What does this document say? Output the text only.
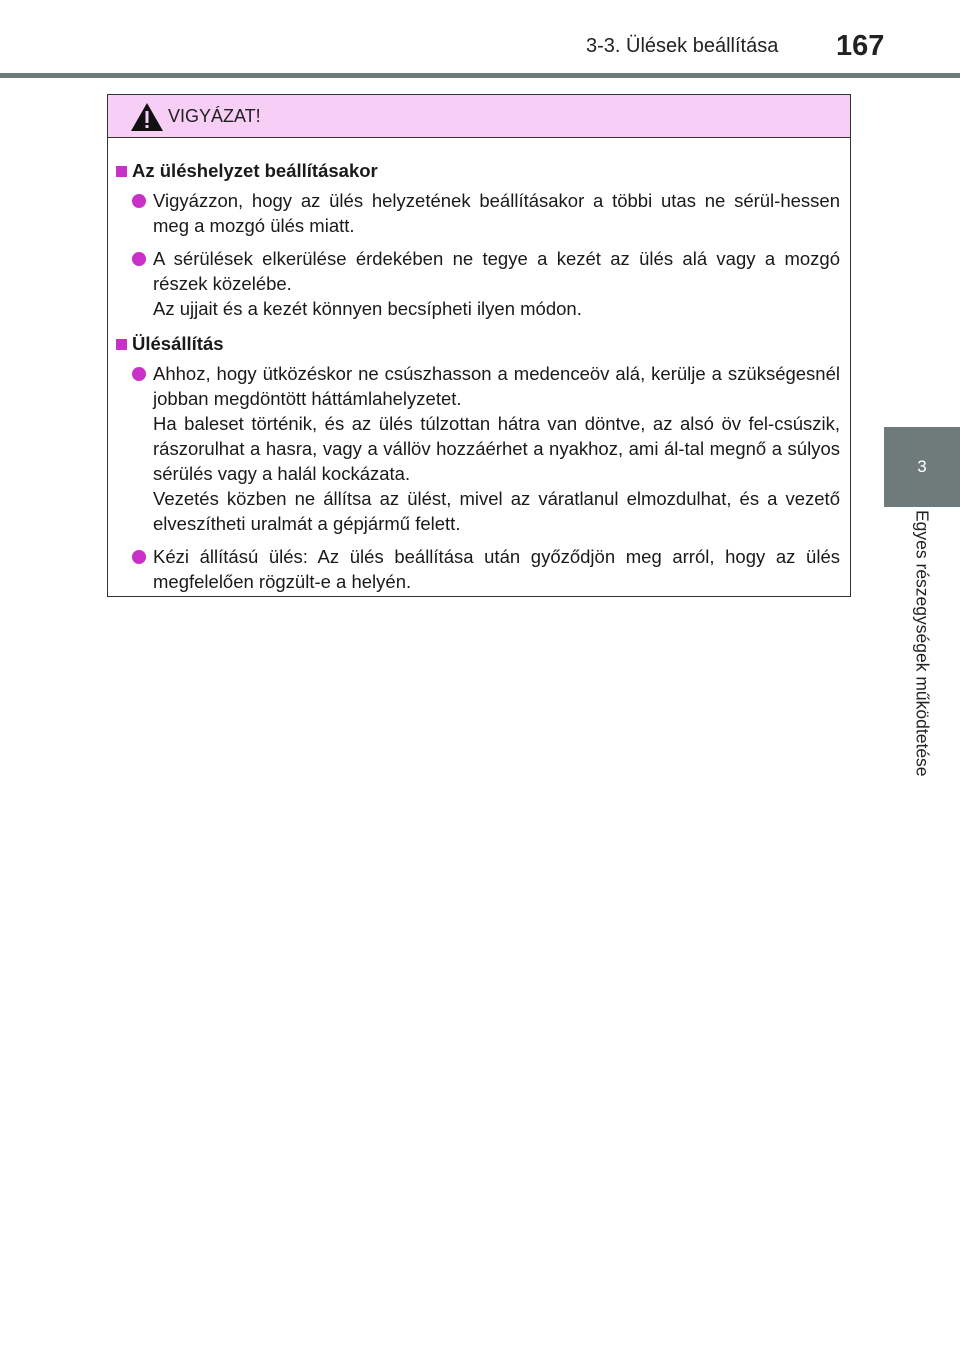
3-3. Ülések beállítása 167
3
Egyes részegységek működtetése
VIGYÁZAT!
Az üléshelyzet beállításakor
Vigyázzon, hogy az ülés helyzetének beállításakor a többi utas ne sérül-hessen meg a mozgó ülés miatt.
A sérülések elkerülése érdekében ne tegye a kezét az ülés alá vagy a mozgó részek közelébe.
Az ujjait és a kezét könnyen becsípheti ilyen módon.
Ülésállítás
Ahhoz, hogy ütközéskor ne csúszhasson a medenceöv alá, kerülje a szükségesnél jobban megdöntött háttámlahelyzetet.
Ha baleset történik, és az ülés túlzottan hátra van döntve, az alsó öv fel-csúszik, rászorulhat a hasra, vagy a vállöv hozzáérhet a nyakhoz, ami ál-tal megnő a súlyos sérülés vagy a halál kockázata.
Vezetés közben ne állítsa az ülést, mivel az váratlanul elmozdulhat, és a vezető elveszítheti uralmát a gépjármű felett.
Kézi állítású ülés: Az ülés beállítása után győződjön meg arról, hogy az ülés megfelelően rögzült-e a helyén.
